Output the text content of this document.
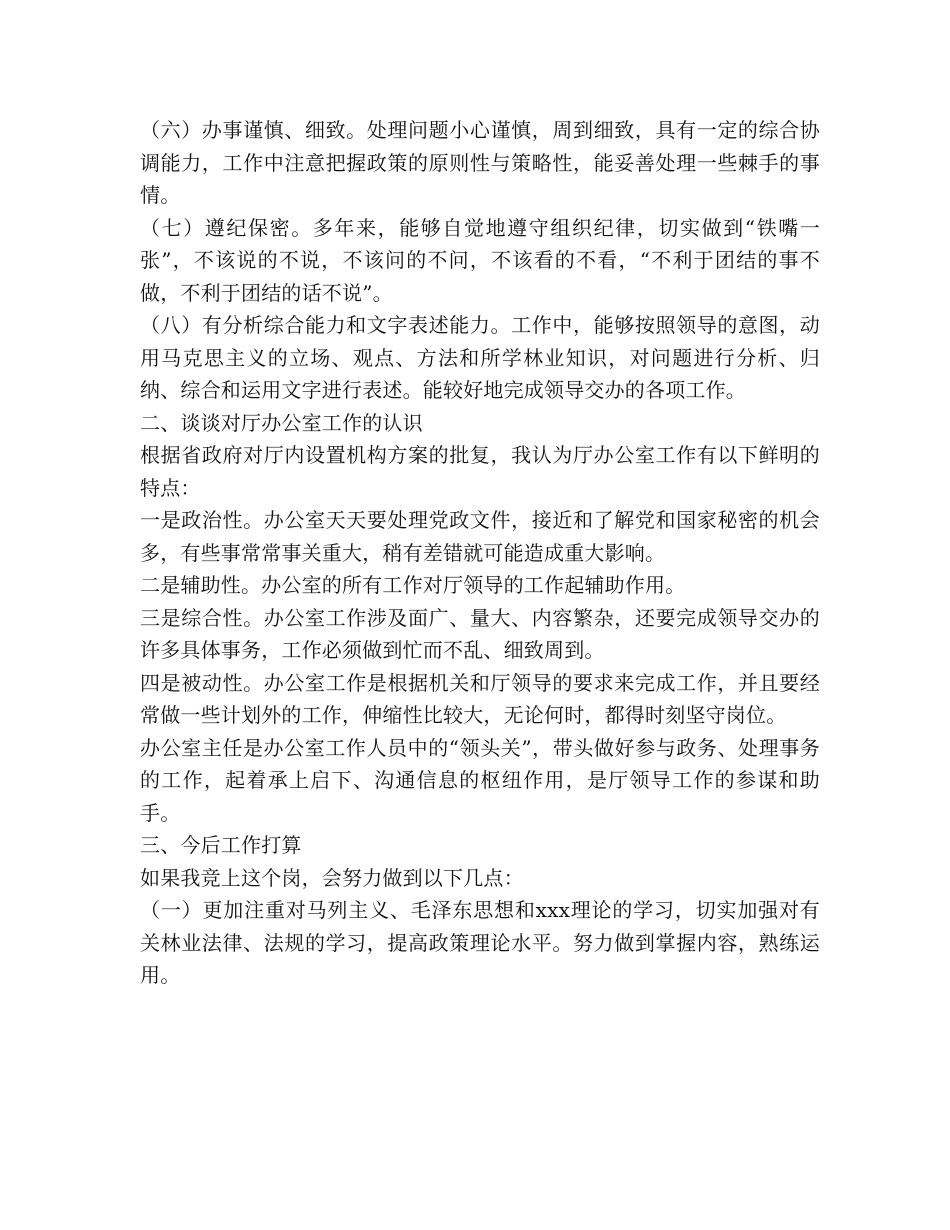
（六）办事谨慎、细致。处理问题小心谨慎，周到细致，具有一定的综合协调能力，工作中注意把握政策的原则性与策略性，能妥善处理一些棘手的事情。

（七）遵纪保密。多年来，能够自觉地遵守组织纪律，切实做到“铁嘴一张”，不该说的不说，不该问的不问，不该看的不看，“不利于团结的事不做，不利于团结的话不说”。

（八）有分析综合能力和文字表述能力。工作中，能够按照领导的意图，动用马克思主义的立场、观点、方法和所学林业知识，对问题进行分析、归纳、综合和运用文字进行表述。能较好地完成领导交办的各项工作。

二、谈谈对厅办公室工作的认识

根据省政府对厅内设置机构方案的批复，我认为厅办公室工作有以下鲜明的特点：

一是政治性。办公室天天要处理党政文件，接近和了解党和国家秘密的机会多，有些事常常事关重大，稍有差错就可能造成重大影响。

二是辅助性。办公室的所有工作对厅领导的工作起辅助作用。

三是综合性。办公室工作涉及面广、量大、内容繁杂，还要完成领导交办的许多具体事务，工作必须做到忙而不乱、细致周到。

四是被动性。办公室工作是根据机关和厅领导的要求来完成工作，并且要经常做一些计划外的工作，伸缩性比较大，无论何时，都得时刻坚守岗位。

办公室主任是办公室工作人员中的“领头关”，带头做好参与政务、处理事务的工作，起着承上启下、沟通信息的枢纽作用，是厅领导工作的参谋和助手。

三、今后工作打算

如果我竞上这个岗，会努力做到以下几点：

（一）更加注重对马列主义、毛泽东思想和xxx理论的学习，切实加强对有关林业法律、法规的学习，提高政策理论水平。努力做到掌握内容，熟练运用。
